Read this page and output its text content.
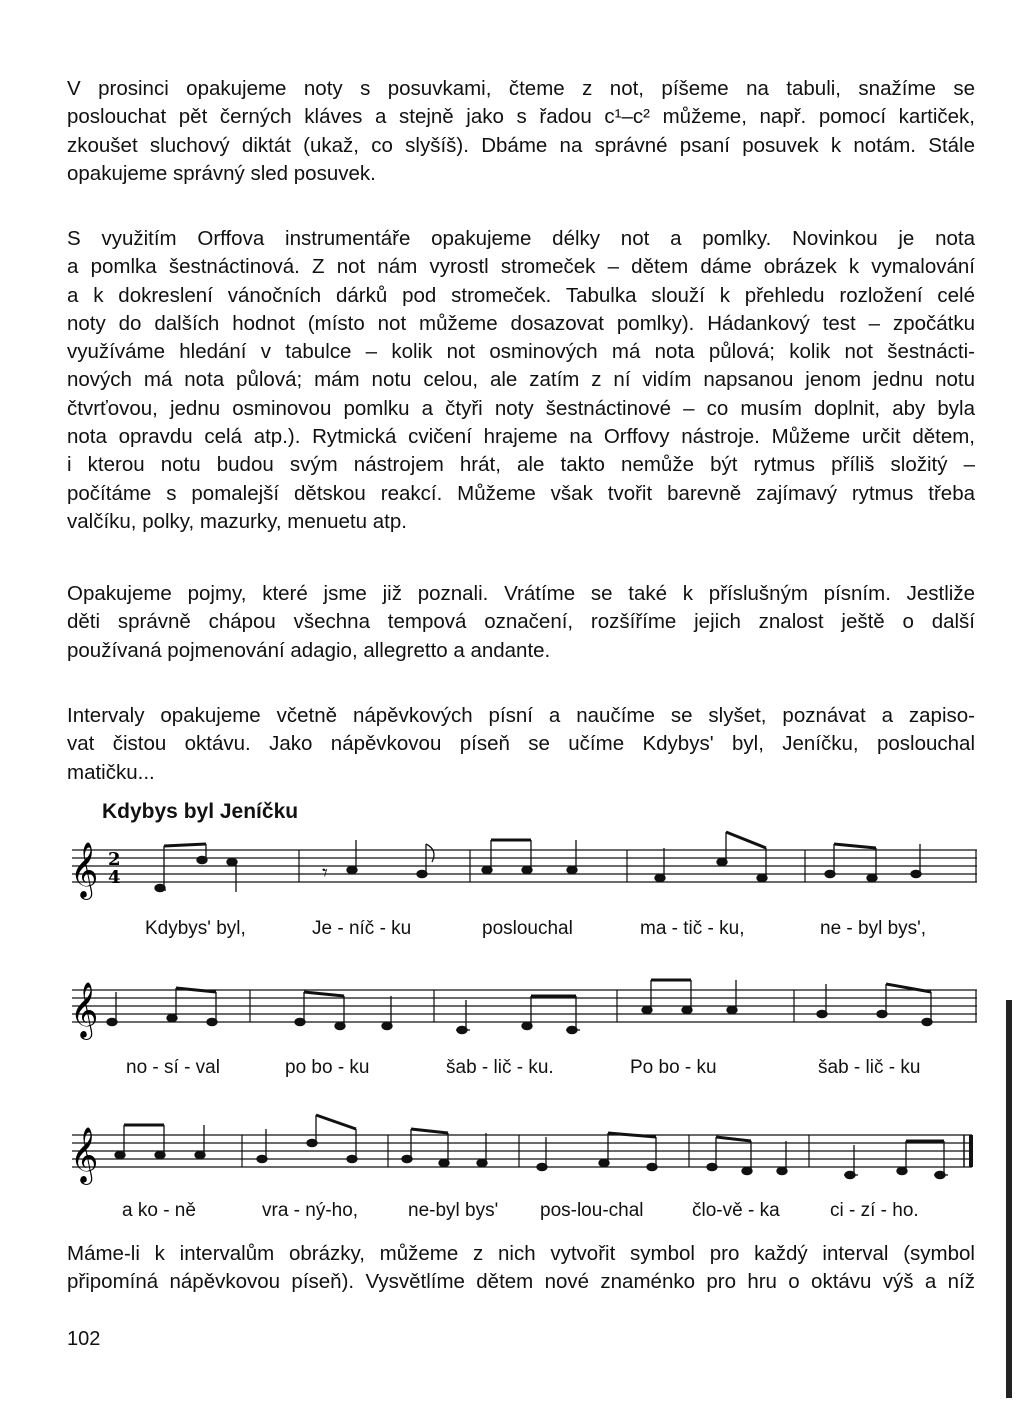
V prosinci opakujeme noty s posuvkami, čteme z not, píšeme na tabuli, snažíme se
poslouchat pět černých kláves a stejně jako s řadou c¹–c² můžeme, např. pomocí kartiček,
zkoušet sluchový diktát (ukaž, co slyšíš). Dbáme na správné psaní posuvek k notám. Stále
opakujeme správný sled posuvek.
S využitím Orffova instrumentáře opakujeme délky not a pomlky. Novinkou je nota
a pomlka šestnáctinová. Z not nám vyrostl stromeček – dětem dáme obrázek k vymalování
a k dokreslení vánočních dárků pod stromeček. Tabulka slouží k přehledu rozložení celé
noty do dalších hodnot (místo not můžeme dosazovat pomlky). Hádankový test – zpočátku
využíváme hledání v tabulce – kolik not osminových má nota půlová; kolik not šestnácti-
nových má nota půlová; mám notu celou, ale zatím z ní vidím napsanou jenom jednu notu
čtvrťovou, jednu osminovou pomlku a čtyři noty šestnáctinové – co musím doplnit, aby byla
nota opravdu celá atp.). Rytmická cvičení hrajeme na Orffovy nástroje. Můžeme určit dětem,
i kterou notu budou svým nástrojem hrát, ale takto nemůže být rytmus příliš složitý –
počítáme s pomalejší dětskou reakcí. Můžeme však tvořit barevně zajímavý rytmus třeba
valčíku, polky, mazurky, menuetu atp.
Opakujeme pojmy, které jsme již poznali. Vrátíme se také k příslušným písním. Jestliže
děti správně chápou všechna tempová označení, rozšíříme jejich znalost ještě o další
používaná pojmenování adagio, allegretto a andante.
Intervaly opakujeme včetně nápěvkových písní a naučíme se slyšet, poznávat a zapiso-
vat čistou oktávu. Jako nápěvkovou píseň se učíme Kdybys' byl, Jeníčku, poslouchal
matičku...
Kdybys byl Jeníčku
𝄞 2
4	𝄾
Kdybys' byl,	Je - níč - ku	poslouchal	ma - tič - ku,	ne - byl bys',
𝄞
no - sí - val	po bo - ku	šab - lič - ku.	Po bo - ku	šab - lič - ku
𝄞
a ko - ně	vra - ný-ho,	ne-byl bys' pos-lou-chal	člo-vě - ka	ci - zí - ho.
Máme-li k intervalům obrázky, můžeme z nich vytvořit symbol pro každý interval (symbol
připomíná nápěvkovou píseň). Vysvětlíme dětem nové znaménko pro hru o oktávu výš a níž
102
